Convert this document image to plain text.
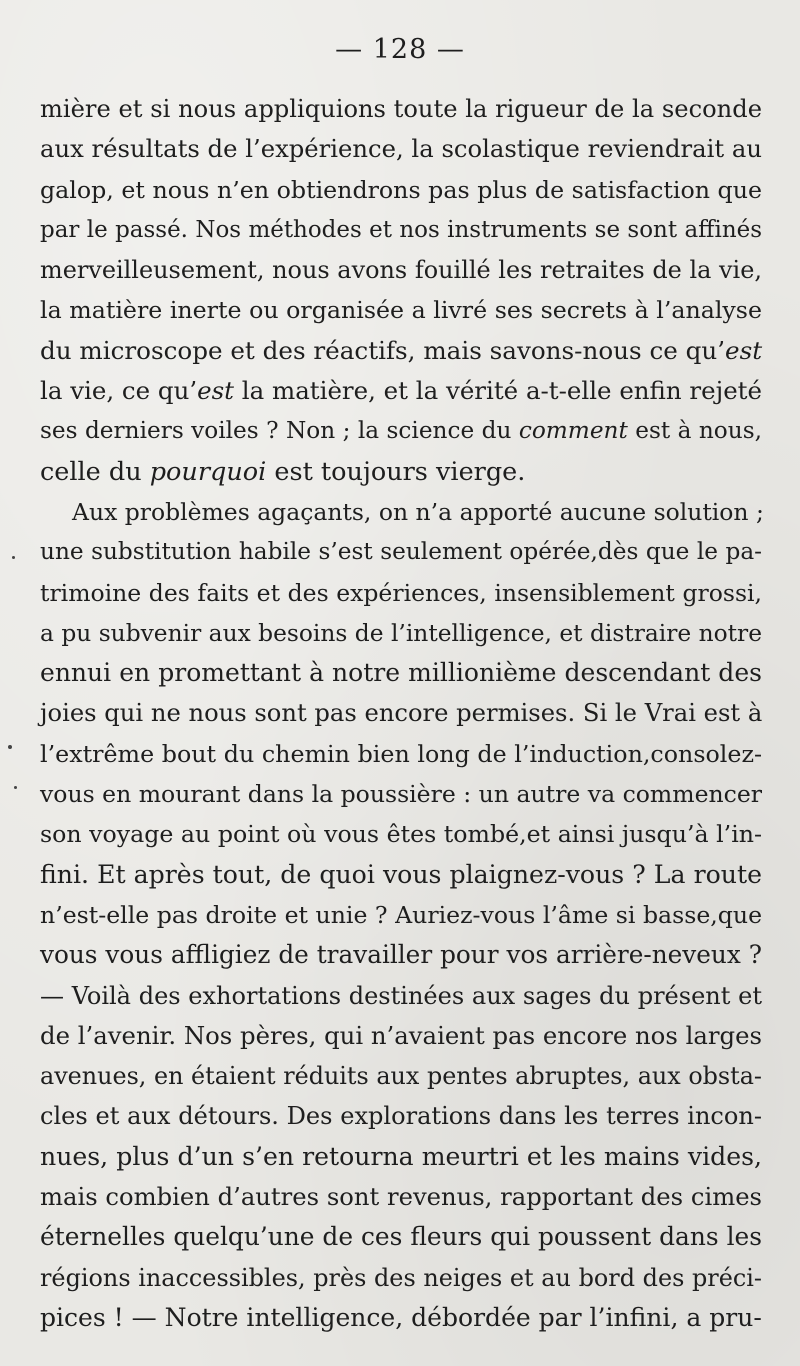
— 128 —
mière et si nous appliquions toute la rigueur de la seconde
aux résultats de l’expérience, la scolastique reviendrait au
galop, et nous n’en obtiendrons pas plus de satisfaction que
par le passé. Nos méthodes et nos instruments se sont affinés
merveilleusement, nous avons fouillé les retraites de la vie,
la matière inerte ou organisée a livré ses secrets à l’analyse
du microscope et des réactifs, mais savons-nous ce qu’est
la vie, ce qu’est la matière, et la vérité a-t-elle enfin rejeté
ses derniers voiles ? Non ; la science du comment est à nous,
celle du pourquoi est toujours vierge.
Aux problèmes agaçants, on n’a apporté aucune solution ;
une substitution habile s’est seulement opérée,dès que le pa-
trimoine des faits et des expériences, insensiblement grossi,
a pu subvenir aux besoins de l’intelligence, et distraire notre
ennui en promettant à notre millionième descendant des
joies qui ne nous sont pas encore permises. Si le Vrai est à
l’extrême bout du chemin bien long de l’induction,consolez-
vous en mourant dans la poussière : un autre va commencer
son voyage au point où vous êtes tombé,et ainsi jusqu’à l’in-
fini. Et après tout, de quoi vous plaignez-vous ? La route
n’est-elle pas droite et unie ? Auriez-vous l’âme si basse,que
vous vous affligiez de travailler pour vos arrière-neveux ?
— Voilà des exhortations destinées aux sages du présent et
de l’avenir. Nos pères, qui n’avaient pas encore nos larges
avenues, en étaient réduits aux pentes abruptes, aux obsta-
cles et aux détours. Des explorations dans les terres incon-
nues, plus d’un s’en retourna meurtri et les mains vides,
mais combien d’autres sont revenus, rapportant des cimes
éternelles quelqu’une de ces fleurs qui poussent dans les
régions inaccessibles, près des neiges et au bord des préci-
pices ! — Notre intelligence, débordée par l’infini, a pru-
